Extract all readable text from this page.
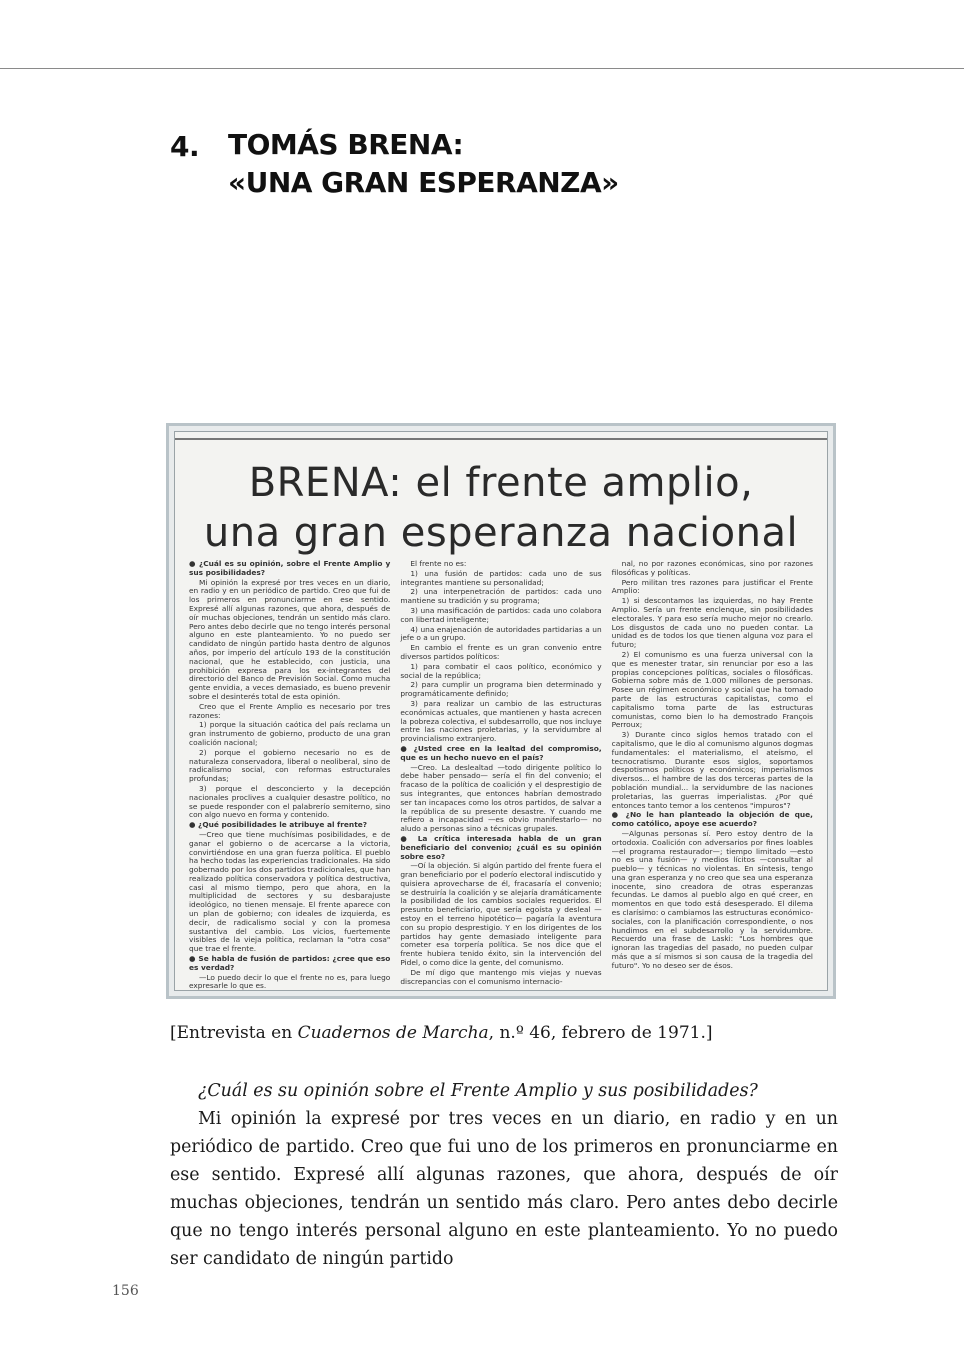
4. TOMÁS BRENA:
«UNA GRAN ESPERANZA»
BRENA: el frente amplio,
una gran esperanza nacional

● ¿Cuál es su opinión, sobre el Frente Amplio y sus posibilidades?

Mi opinión la expresé por tres veces en un diario, en radio y en un periódico de partido. Creo que fui de los primeros en pronunciarme en ese sentido. Expresé allí algunas razones, que ahora, después de oír muchas objeciones, tendrán un sentido más claro. Pero antes debo decirle que no tengo interés personal alguno en este planteamiento. Yo no puedo ser candidato de ningún partido hasta dentro de algunos años, por imperio del artículo 193 de la constitución nacional, que he establecido, con justicia, una prohibición expresa para los ex-integrantes del directorio del Banco de Previsión Social. Como mucha gente envidia, a veces demasiado, es bueno prevenir sobre el desinterés total de esta opinión.

Creo que el Frente Amplio es necesario por tres razones:

1) porque la situación caótica del país reclama un gran instrumento de gobierno, producto de una gran coalición nacional;

2) porque el gobierno necesario no es de naturaleza conservadora, liberal o neoliberal, sino de radicalismo social, con reformas estructurales profundas;

3) porque el desconcierto y la decepción nacionales proclives a cualquier desastre político, no se puede responder con el palabrerío semiterno, sino con algo nuevo en forma y contenido.

● ¿Qué posibilidades le atribuye al frente?

—Creo que tiene muchísimas posibilidades, e de ganar el gobierno o de acercarse a la victoria, convirtiéndose en una gran fuerza política. El pueblo ha hecho todas las experiencias tradicionales. Ha sido gobernado por los dos partidos tradicionales, que han realizado política conservadora y política destructiva, casi al mismo tiempo, pero que ahora, en la multiplicidad de sectores y su desbarajuste ideológico, no tienen mensaje. El frente aparece con un plan de gobierno; con ideales de izquierda, es decir, de radicalismo social y con la promesa sustantiva del cambio. Los vicios, fuertemente visibles de la vieja política, reclaman la "otra cosa" que trae el frente.

● Se habla de fusión de partidos: ¿cree que eso es verdad?

—Lo puedo decir lo que el frente no es, para luego expresarle lo que es.

El frente no es:

1) una fusión de partidos: cada uno de sus integrantes mantiene su personalidad;

2) una interpenetración de partidos: cada uno mantiene su tradición y su programa;

3) una masificación de partidos: cada uno colabora con libertad inteligente;

4) una enajenación de autoridades partidarias a un jefe o a un grupo.

En cambio el frente es un gran convenio entre diversos partidos políticos:

1) para combatir el caos político, económico y social de la república;

2) para cumplir un programa bien determinado y programáticamente definido;

3) para realizar un cambio de las estructuras económicas actuales, que mantienen y hasta acrecen la pobreza colectiva, el subdesarrollo, que nos incluye entre las naciones proletarias, y la servidumbre al provincialismo extranjero.

● ¿Usted cree en la lealtad del compromiso, que es un hecho nuevo en el país?

—Creo. La deslealtad —todo dirigente político lo debe haber pensado— sería el fin del convenio; el fracaso de la política de coalición y el desprestigio de sus integrantes, que entonces habrían demostrado ser tan incapaces como los otros partidos, de salvar a la república de su presente desastre. Y cuando me refiero a incapacidad —es obvio manifestarlo— no aludo a personas sino a técnicas grupales.

● La crítica interesada habla de un gran beneficiario del convenio; ¿cuál es su opinión sobre eso?

—Oí la objeción. Si algún partido del frente fuera el gran beneficiario por el poderío electoral indiscutido y quisiera aprovecharse de él, fracasaría el convenio; se destruiría la coalición y se alejaría dramáticamente la posibilidad de los cambios sociales requeridos. El presunto beneficiario, que sería egoísta y desleal —estoy en el terreno hipotético— pagaría la aventura con su propio desprestigio. Y en los dirigentes de los partidos hay gente demasiado inteligente para cometer esa torpería política. Se nos dice que el frente hubiera tenido éxito, sin la intervención del Pidel, o como dice la gente, del comunismo.

De mí digo que mantengo mis viejas y nuevas discrepancias con el comunismo internacio-

nal, no por razones económicas, sino por razones filosóficas y políticas.

Pero militan tres razones para justificar el Frente Amplio:

1) si descontamos las izquierdas, no hay Frente Amplio. Sería un frente enclenque, sin posibilidades electorales. Y para eso sería mucho mejor no crearlo. Los disgustos de cada uno no pueden contar. La unidad es de todos los que tienen alguna voz para el futuro;

2) El comunismo es una fuerza universal con la que es menester tratar, sin renunciar por eso a las propias concepciones políticas, sociales o filosóficas. Gobierna sobre más de 1.000 millones de personas. Posee un régimen económico y social que ha tomado parte de las estructuras capitalistas, como el capitalismo toma parte de las estructuras comunistas, como bien lo ha demostrado François Perroux;

3) Durante cinco siglos hemos tratado con el capitalismo, que le dio al comunismo algunos dogmas fundamentales: el materialismo, el ateísmo, el tecnocratismo. Durante esos siglos, soportamos despotismos políticos y económicos; imperialismos diversos... el hambre de las dos terceras partes de la población mundial... la servidumbre de las naciones proletarias, las guerras imperialistas. ¿Por qué entonces tanto temor a los centenos "impuros"?

● ¿No le han planteado la objeción de que, como católico, apoye ese acuerdo?

—Algunas personas sí. Pero estoy dentro de la ortodoxia. Coalición con adversarios por fines loables —el programa restaurador—; tiempo limitado —esto no es una fusión— y medios lícitos —consultar al pueblo— y técnicas no violentas. En síntesis, tengo una gran esperanza y no creo que sea una esperanza inocente, sino creadora de otras esperanzas fecundas. Le damos al pueblo algo en qué creer, en momentos en que todo está desesperado. El dilema es clarísimo: o cambiamos las estructuras económico-sociales, con la planificación correspondiente, o nos hundimos en el subdesarrollo y la servidumbre. Recuerdo una frase de Laski: "Los hombres que ignoran las tragedias del pasado, no pueden culpar más que a sí mismos si son causa de la tragedia del futuro". Yo no deseo ser de ésos.

[Entrevista en Cuadernos de Marcha, n.º 46, febrero de 1971.]

¿Cuál es su opinión sobre el Frente Amplio y sus posibilidades?

Mi opinión la expresé por tres veces en un diario, en radio y en un periódico de partido. Creo que fui uno de los primeros en pronunciarme en ese sentido. Expresé allí algunas razones, que ahora, después de oír muchas objeciones, tendrán un sentido más claro. Pero antes debo decirle que no tengo interés personal alguno en este planteamiento. Yo no puedo ser candidato de ningún partido

156
